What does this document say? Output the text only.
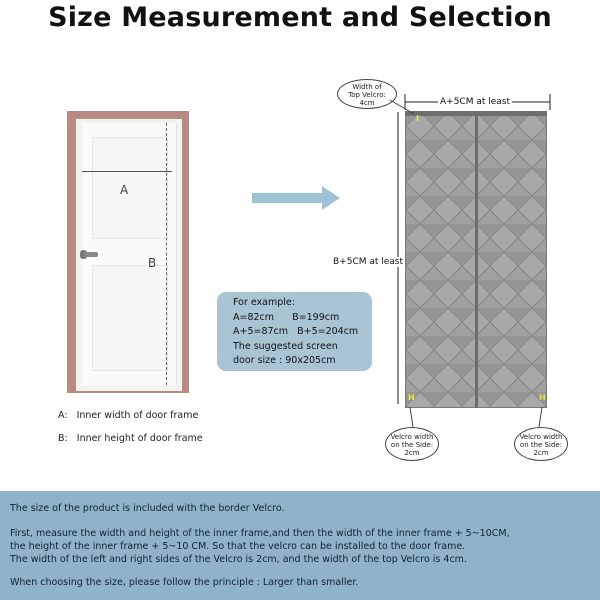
Size Measurement and Selection
A
B
For example:
A=82cm      B=199cm
A+5=87cm   B+5=204cm
The suggested screen
door size : 90x205cm
I
H	H
A+5CM at least
B+5CM at least
Width of
Top Velcro:
4cm
Velcro width
on the Side:
2cm
Velcro width
on the Side:
2cm
A:   Inner width of door frame
B:   Inner height of door frame
The size of the product is included with the border Velcro.
First, measure the width and height of the inner frame,and then the width of the inner frame + 5~10CM,
the height of the inner frame + 5~10 CM. So that the velcro can be installed to the door frame.
The width of the left and right sides of the Velcro is 2cm, and the width of the top Velcro is 4cm.
When choosing the size, please follow the principle : Larger than smaller.
